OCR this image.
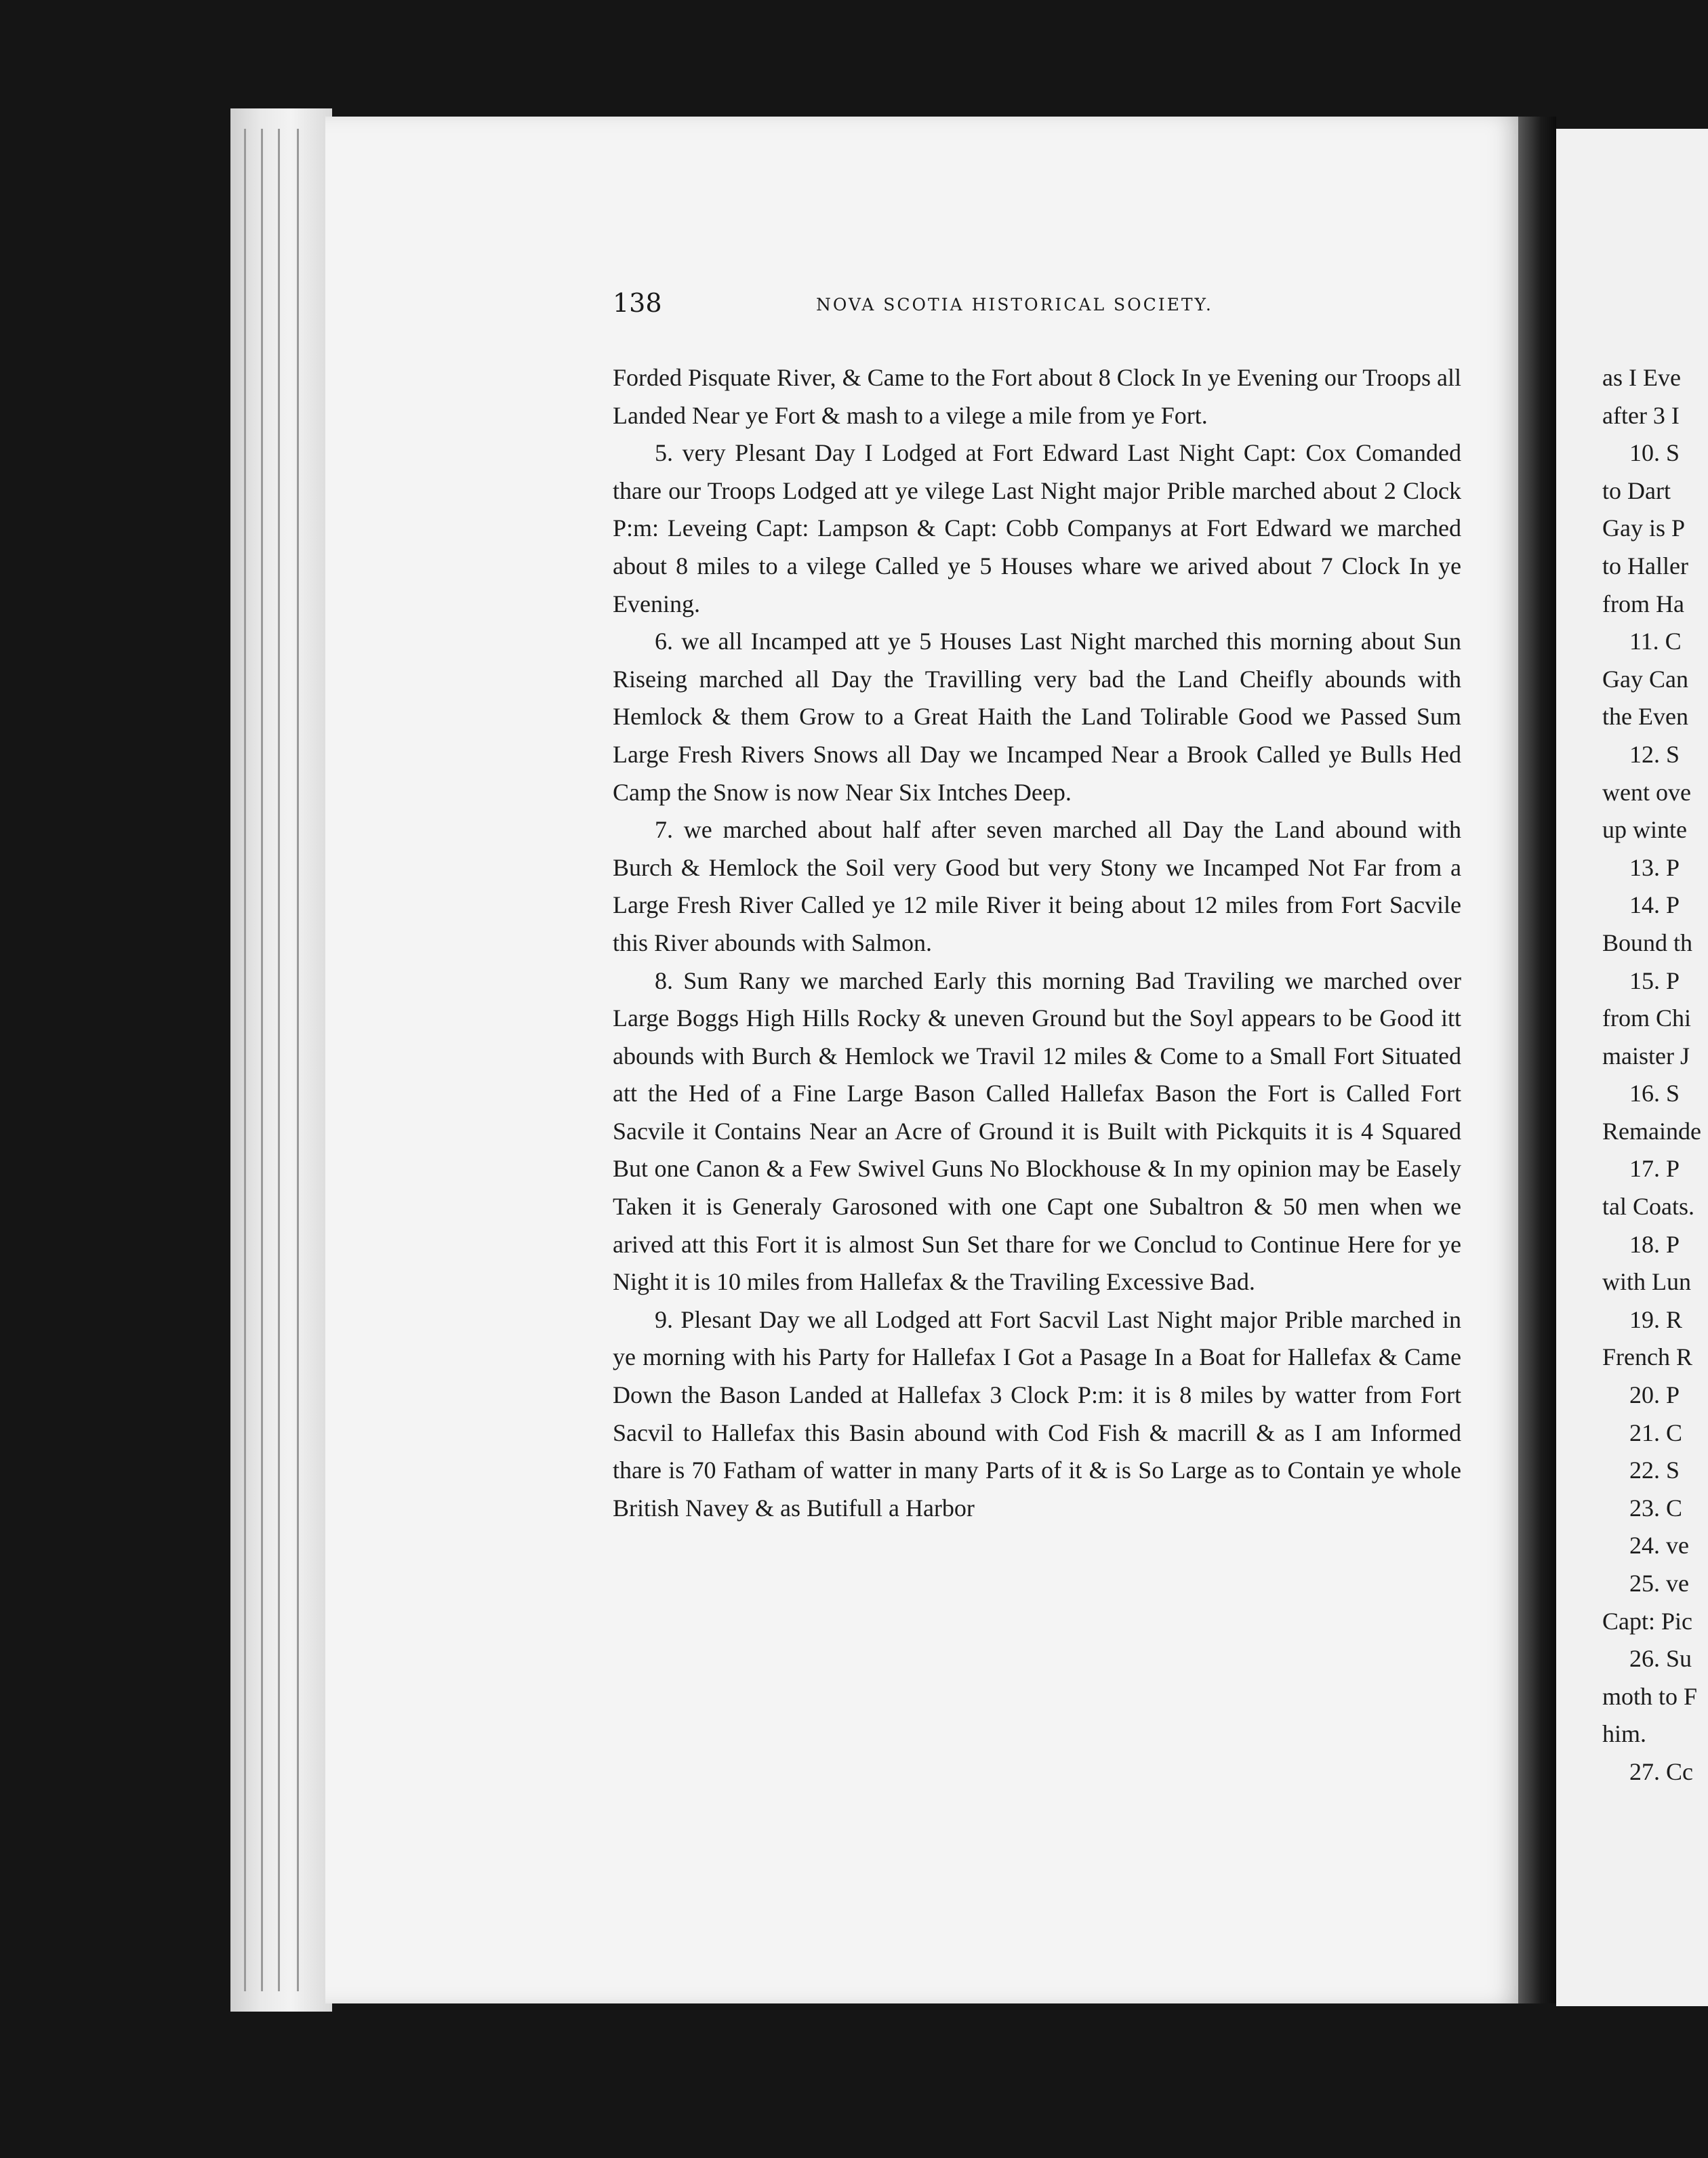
138	NOVA SCOTIA HISTORICAL SOCIETY.

Forded Pisquate River, & Came to the Fort about 8 Clock In ye Evening our Troops all Landed Near ye Fort & mash to a vilege a mile from ye Fort.

5. very Plesant Day I Lodged at Fort Edward Last Night Capt: Cox Comanded thare our Troops Lodged att ye vilege Last Night major Prible marched about 2 Clock P:m: Leveing Capt: Lampson & Capt: Cobb Companys at Fort Edward we marched about 8 miles to a vilege Called ye 5 Houses whare we arived about 7 Clock In ye Evening.

6. we all Incamped att ye 5 Houses Last Night marched this morning about Sun Riseing marched all Day the Travilling very bad the Land Cheifly abounds with Hemlock & them Grow to a Great Haith the Land Tolirable Good we Passed Sum Large Fresh Rivers Snows all Day we Incamped Near a Brook Called ye Bulls Hed Camp the Snow is now Near Six Intches Deep.

7. we marched about half after seven marched all Day the Land abound with Burch & Hemlock the Soil very Good but very Stony we Incamped Not Far from a Large Fresh River Called ye 12 mile River it being about 12 miles from Fort Sacvile this River abounds with Salmon.

8. Sum Rany we marched Early this morning Bad Traviling we marched over Large Boggs High Hills Rocky & uneven Ground but the Soyl appears to be Good itt abounds with Burch & Hemlock we Travil 12 miles & Come to a Small Fort Situated att the Hed of a Fine Large Bason Called Hallefax Bason the Fort is Called Fort Sacvile it Contains Near an Acre of Ground it is Built with Pickquits it is 4 Squared But one Canon & a Few Swivel Guns No Blockhouse & In my opinion may be Easely Taken it is Generaly Garosoned with one Capt one Subaltron & 50 men when we arived att this Fort it is almost Sun Set thare for we Conclud to Continue Here for ye Night it is 10 miles from Hallefax & the Traviling Excessive Bad.

9. Plesant Day we all Lodged att Fort Sacvil Last Night major Prible marched in ye morning with his Party for Hallefax I Got a Pasage In a Boat for Hallefax & Came Down the Bason Landed at Hallefax 3 Clock P:m: it is 8 miles by watter from Fort Sacvil to Hallefax this Basin abound with Cod Fish & macrill & as I am Informed thare is 70 Fatham of watter in many Parts of it & is So Large as to Contain ye whole British Navey & as Butifull a Harbor

as I Eve
after 3 I
10. S
to Dart
Gay is P
to Haller
from Ha
11. C
Gay Can
the Even
12. S
went ove
up winte
13. P
14. P
Bound th
15. P
from Chi
maister J
16. S
Remainde
17. P
tal Coats.
18. P
with Lun
19. R
French R
20. P
21. C
22. S
23. C
24. ve
25. ve
Capt: Pic
26. Su
moth to F
him.
27. Cc
